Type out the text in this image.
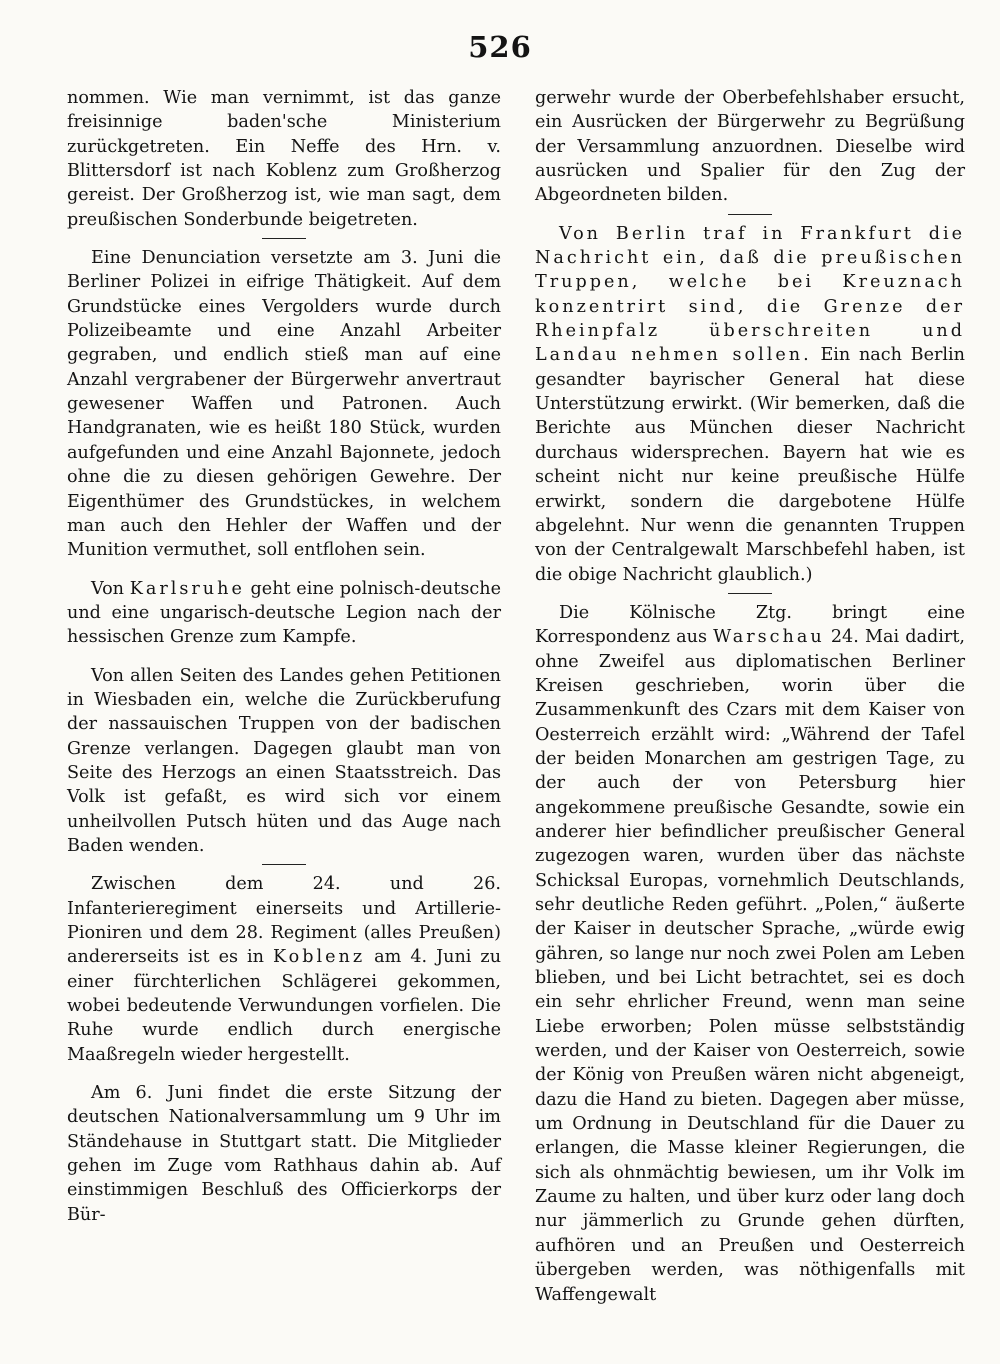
526

nommen. Wie man vernimmt, ist das ganze freisinnige baden'sche Ministerium zurückgetreten. Ein Neffe des Hrn. v. Blittersdorf ist nach Koblenz zum Großherzog gereist. Der Großherzog ist, wie man sagt, dem preußischen Sonderbunde beigetreten.

Eine Denunciation versetzte am 3. Juni die Berliner Polizei in eifrige Thätigkeit. Auf dem Grundstücke eines Vergolders wurde durch Polizeibeamte und eine Anzahl Arbeiter gegraben, und endlich stieß man auf eine Anzahl vergrabener der Bürgerwehr anvertraut gewesener Waffen und Patronen. Auch Handgranaten, wie es heißt 180 Stück, wurden aufgefunden und eine Anzahl Bajonnete, jedoch ohne die zu diesen gehörigen Gewehre. Der Eigenthümer des Grundstückes, in welchem man auch den Hehler der Waffen und der Munition vermuthet, soll entflohen sein.

Von Karlsruhe geht eine polnisch-deutsche und eine ungarisch-deutsche Legion nach der hessischen Grenze zum Kampfe.

Von allen Seiten des Landes gehen Petitionen in Wiesbaden ein, welche die Zurückberufung der nassauischen Truppen von der badischen Grenze verlangen. Dagegen glaubt man von Seite des Herzogs an einen Staatsstreich. Das Volk ist gefaßt, es wird sich vor einem unheilvollen Putsch hüten und das Auge nach Baden wenden.

Zwischen dem 24. und 26. Infanterieregiment einerseits und Artillerie-Pioniren und dem 28. Regiment (alles Preußen) andererseits ist es in Koblenz am 4. Juni zu einer fürchterlichen Schlägerei gekommen, wobei bedeutende Verwundungen vorfielen. Die Ruhe wurde endlich durch energische Maaßregeln wieder hergestellt.

Am 6. Juni findet die erste Sitzung der deutschen Nationalversammlung um 9 Uhr im Ständehause in Stuttgart statt. Die Mitglieder gehen im Zuge vom Rathhaus dahin ab. Auf einstimmigen Beschluß des Officierkorps der Bür-

gerwehr wurde der Oberbefehlshaber ersucht, ein Ausrücken der Bürgerwehr zu Begrüßung der Versammlung anzuordnen. Dieselbe wird ausrücken und Spalier für den Zug der Abgeordneten bilden.

Von Berlin traf in Frankfurt die Nachricht ein, daß die preußischen Truppen, welche bei Kreuznach konzentrirt sind, die Grenze der Rheinpfalz überschreiten und Landau nehmen sollen. Ein nach Berlin gesandter bayrischer General hat diese Unterstützung erwirkt. (Wir bemerken, daß die Berichte aus München dieser Nachricht durchaus widersprechen. Bayern hat wie es scheint nicht nur keine preußische Hülfe erwirkt, sondern die dargebotene Hülfe abgelehnt. Nur wenn die genannten Truppen von der Centralgewalt Marschbefehl haben, ist die obige Nachricht glaublich.)

Die Kölnische Ztg. bringt eine Korrespondenz aus Warschau 24. Mai dadirt, ohne Zweifel aus diplomatischen Berliner Kreisen geschrieben, worin über die Zusammenkunft des Czars mit dem Kaiser von Oesterreich erzählt wird: „Während der Tafel der beiden Monarchen am gestrigen Tage, zu der auch der von Petersburg hier angekommene preußische Gesandte, sowie ein anderer hier befindlicher preußischer General zugezogen waren, wurden über das nächste Schicksal Europas, vornehmlich Deutschlands, sehr deutliche Reden geführt. „Polen,“ äußerte der Kaiser in deutscher Sprache, „würde ewig gähren, so lange nur noch zwei Polen am Leben blieben, und bei Licht betrachtet, sei es doch ein sehr ehrlicher Freund, wenn man seine Liebe erworben; Polen müsse selbstständig werden, und der Kaiser von Oesterreich, sowie der König von Preußen wären nicht abgeneigt, dazu die Hand zu bieten. Dagegen aber müsse, um Ordnung in Deutschland für die Dauer zu erlangen, die Masse kleiner Regierungen, die sich als ohnmächtig bewiesen, um ihr Volk im Zaume zu halten, und über kurz oder lang doch nur jämmerlich zu Grunde gehen dürften, aufhören und an Preußen und Oesterreich übergeben werden, was nöthigenfalls mit Waffengewalt
